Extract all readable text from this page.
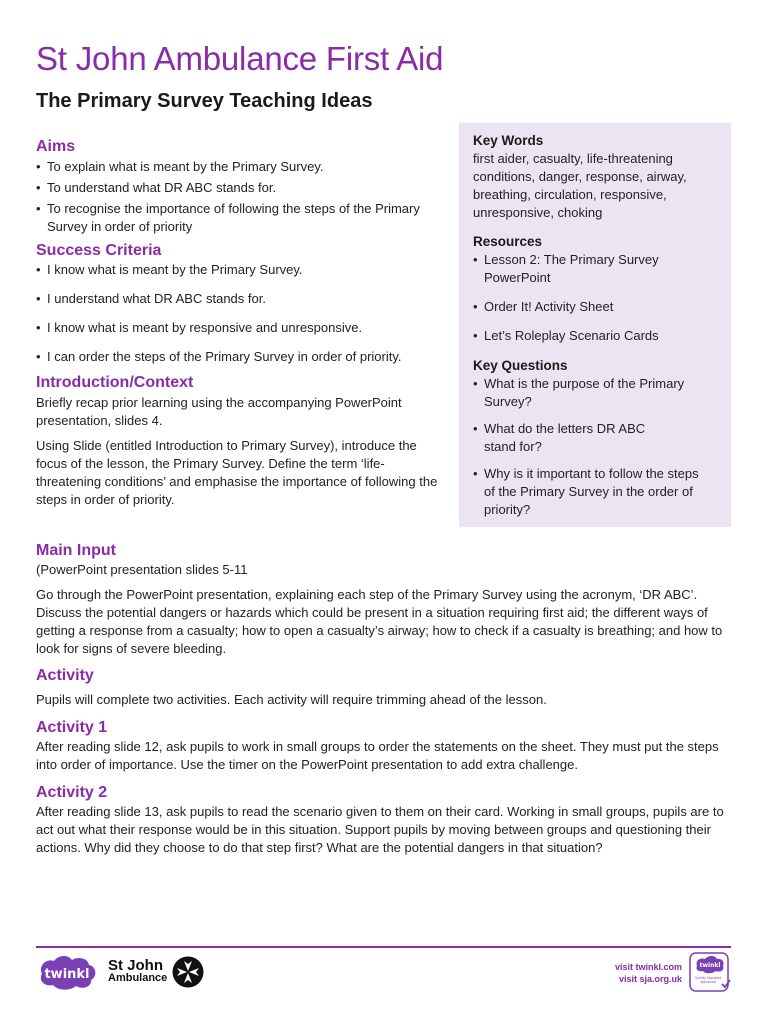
St John Ambulance First Aid
The Primary Survey Teaching Ideas
Aims
• To explain what is meant by the Primary Survey.
• To understand what DR ABC stands for.
• To recognise the importance of following the steps of the Primary Survey in order of priority
Success Criteria
• I know what is meant by the Primary Survey.
• I understand what DR ABC stands for.
• I know what is meant by responsive and unresponsive.
• I can order the steps of the Primary Survey in order of priority.
Introduction/Context

Briefly recap prior learning using the accompanying PowerPoint presentation, slides 4.

Using Slide (entitled Introduction to Primary Survey), introduce the focus of the lesson, the Primary Survey. Define the term ‘life-threatening conditions’ and emphasise the importance of following the steps in order of priority.

Key Words

first aider, casualty, life-threatening conditions, danger, response, airway, breathing, circulation, responsive, unresponsive, choking

Resources
• Lesson 2: The Primary Survey PowerPoint
• Order It! Activity Sheet
• Let’s Roleplay Scenario Cards
Key Questions
• What is the purpose of the Primary Survey?
• What do the letters DR ABC stand for?
• Why is it important to follow the steps of the Primary Survey in the order of priority?
Main Input

(PowerPoint presentation slides 5-11

Go through the PowerPoint presentation, explaining each step of the Primary Survey using the acronym, ‘DR ABC’. Discuss the potential dangers or hazards which could be present in a situation requiring first aid; the different ways of getting a response from a casualty; how to open a casualty’s airway; how to check if a casualty is breathing; and how to look for signs of severe bleeding.

Activity

Pupils will complete two activities. Each activity will require trimming ahead of the lesson.

Activity 1

After reading slide 12, ask pupils to work in small groups to order the statements on the sheet. They must put the steps into order of importance. Use the timer on the PowerPoint presentation to add extra challenge.

Activity 2

After reading slide 13, ask pupils to read the scenario given to them on their card. Working in small groups, pupils are to act out what their response would be in this situation. Support pupils by moving between groups and questioning their actions. Why did they choose to do that step first? What are the potential dangers in that situation?

twinkl
St John
Ambulance
visit twinkl.com
visit sja.org.uk
twinkl
Quality Standard Approved
